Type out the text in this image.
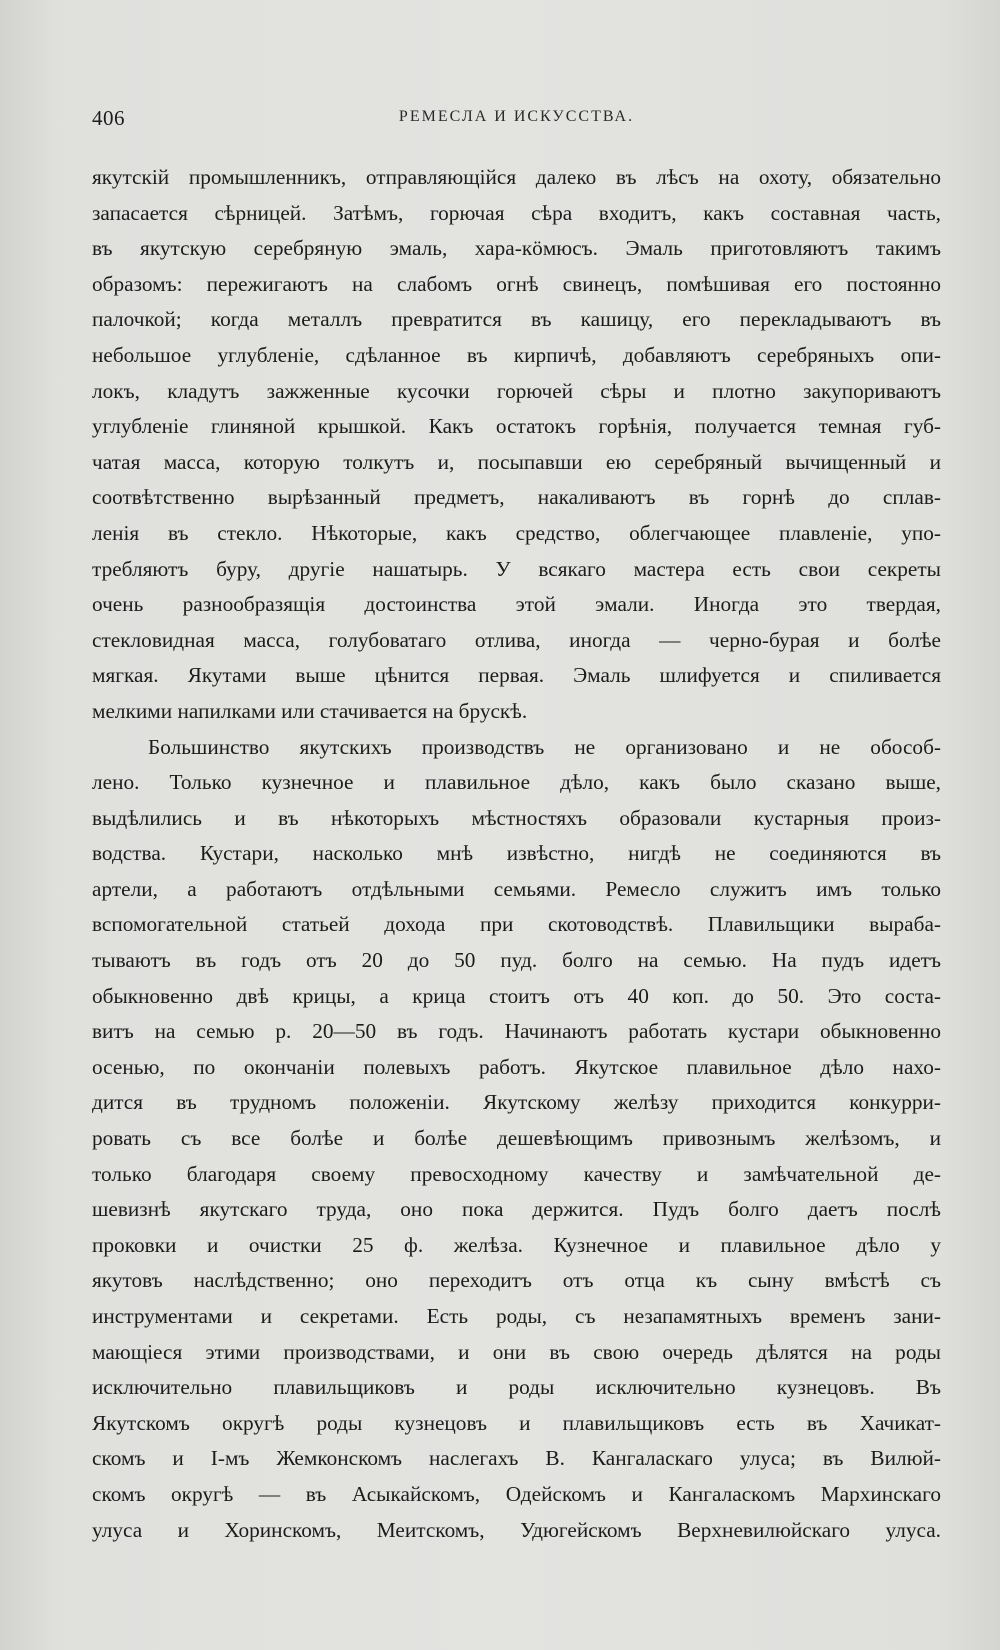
406	РЕМЕСЛА И ИСКУССТВА.
якутскій промышленникъ, отправляющійся далеко въ лѣсъ на охоту, обязательно
запасается сѣрницей. Затѣмъ, горючая сѣра входитъ, какъ составная часть,
въ якутскую серебряную эмаль, хара-кӧмюсъ. Эмаль приготовляютъ такимъ
образомъ: пережигаютъ на слабомъ огнѣ свинецъ, помѣшивая его постоянно
палочкой; когда металлъ превратится въ кашицу, его перекладываютъ въ
небольшое углубленіе, сдѣланное въ кирпичѣ, добавляютъ серебряныхъ опи-
локъ, кладутъ зажженные кусочки горючей сѣры и плотно закупориваютъ
углубленіе глиняной крышкой. Какъ остатокъ горѣнія, получается темная губ-
чатая масса, которую толкутъ и, посыпавши ею серебряный вычищенный и
соотвѣтственно вырѣзанный предметъ, накаливаютъ въ горнѣ до сплав-
ленія въ стекло. Нѣкоторые, какъ средство, облегчающее плавленіе, упо-
требляютъ буру, другіе нашатырь. У всякаго мастера есть свои секреты
очень разнообразящія достоинства этой эмали. Иногда это твердая,
стекловидная масса, голубоватаго отлива, иногда — черно-бурая и болѣе
мягкая. Якутами выше цѣнится первая. Эмаль шлифуется и спиливается
мелкими напилками или стачивается на брускѣ.
Большинство якутскихъ производствъ не организовано и не обособ-
лено. Только кузнечное и плавильное дѣло, какъ было сказано выше,
выдѣлились и въ нѣкоторыхъ мѣстностяхъ образовали кустарныя произ-
водства. Кустари, насколько мнѣ извѣстно, нигдѣ не соединяются въ
артели, а работаютъ отдѣльными семьями. Ремесло служитъ имъ только
вспомогательной статьей дохода при скотоводствѣ. Плавильщики выраба-
тываютъ въ годъ отъ 20 до 50 пуд. болго на семью. На пудъ идетъ
обыкновенно двѣ крицы, а крица стоитъ отъ 40 коп. до 50. Это соста-
витъ на семью р. 20—50 въ годъ. Начинаютъ работать кустари обыкновенно
осенью, по окончаніи полевыхъ работъ. Якутское плавильное дѣло нахо-
дится въ трудномъ положеніи. Якутскому желѣзу приходится конкурри-
ровать съ все болѣе и болѣе дешевѣющимъ привознымъ желѣзомъ, и
только благодаря своему превосходному качеству и замѣчательной де-
шевизнѣ якутскаго труда, оно пока держится. Пудъ болго даетъ послѣ
проковки и очистки 25 ф. желѣза. Кузнечное и плавильное дѣло у
якутовъ наслѣдственно; оно переходитъ отъ отца къ сыну вмѣстѣ съ
инструментами и секретами. Есть роды, съ незапамятныхъ временъ зани-
мающіеся этими производствами, и они въ свою очередь дѣлятся на роды
исключительно плавильщиковъ и роды исключительно кузнецовъ. Въ
Якутскомъ округѣ роды кузнецовъ и плавильщиковъ есть въ Хачикат-
скомъ и I-мъ Жемконскомъ наслегахъ В. Кангаласкаго улуса; въ Вилюй-
скомъ округѣ — въ Асыкайскомъ, Одейскомъ и Кангаласкомъ Мархинскаго
улуса и Хоринскомъ, Меитскомъ, Удюгейскомъ Верхневилюйскаго улуса.
